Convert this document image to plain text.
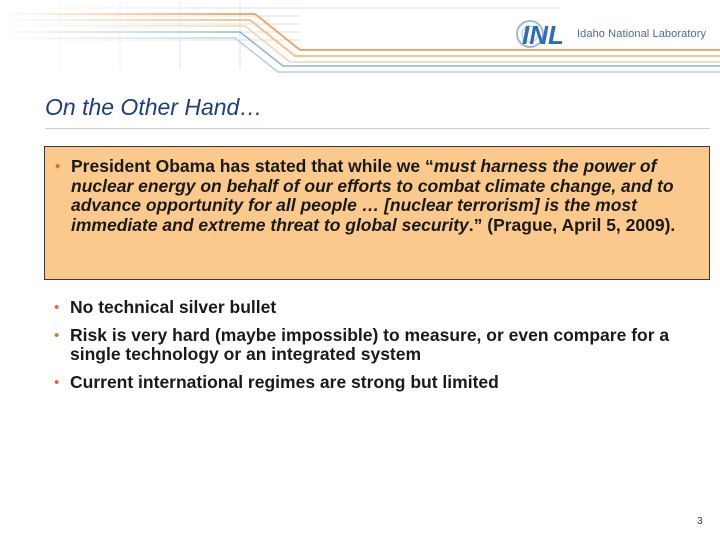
INL Idaho National Laboratory
On the Other Hand…
• President Obama has stated that while we “must harness the power of nuclear energy on behalf of our efforts to combat climate change, and to advance opportunity for all people … [nuclear terrorism] is the most immediate and extreme threat to global security.” (Prague, April 5, 2009).
• No technical silver bullet
• Risk is very hard (maybe impossible) to measure, or even compare for a single technology or an integrated system
• Current international regimes are strong but limited
3
